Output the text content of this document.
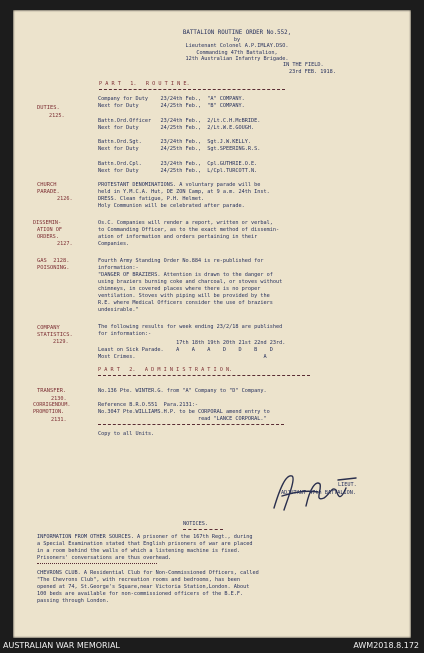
BATTALION ROUTINE ORDER No.552,
by
Lieutenant Colonel A.P.IMLAY.DSO.
Commanding 47th Battalion,
12th Australian Infantry Brigade.
IN THE FIELD.
23rd FEB. 1918.
P A R T   1.   R O U T I N E.
DUTIES.
2125.
Company for Duty    23/24th Feb.,  "A" COMPANY.
Next for Duty       24/25th Feb.,  "B" COMPANY.
Battn.Ord.Officer   23/24th Feb.,  2/Lt.C.H.McBRIDE.
Next for Duty       24/25th Feb.,  2/Lt.W.E.GOUGH.
Battn.Ord.Sgt.      23/24th Feb.,  Sgt.J.W.KELLY.
Next for Duty       24/25th Feb.,  Sgt.SPEERING.R.S.
Battn.Ord.Cpl.      23/24th Feb.,  Cpl.GUTHRIE.O.E.
Next for Duty       24/25th Feb.,  L/Cpl.TURCOTT.N.
CHURCH
PARADE.
2126.
PROTESTANT DENOMINATIONS. A voluntary parade will be
held in Y.M.C.A. Hut, DE ZON Camp, at 9 a.m. 24th Inst.
DRESS. Clean fatigue, P.H. Helmet.
Holy Communion will be celebrated after parade.
DISSEMIN-
ATION OF
ORDERS.
2127.
Os.C. Companies will render a report, written or verbal,
to Commanding Officer, as to the exact method of dissemin-
ation of information and orders pertaining in their
Companies.
GAS  2128.
POISONING.
Fourth Army Standing Order No.884 is re-published for
information:-
"DANGER OF BRAZIERS. Attention is drawn to the danger of
using braziers burning coke and charcoal, or stoves without
chimneys, in covered places where there is no proper
ventilation. Stoves with piping will be provided by the
R.E. where Medical Officers consider the use of braziers
undesirable."
COMPANY
STATISTICS.
2129.
The following results for week ending 23/2/18 are published
for information:-
17th 18th 19th 20th 21st 22nd 23rd.
Least on Sick Parade.    A    A    A    D    D    B    D
Most Crimes.                                         A
P A R T   2.   A D M I N I S T R A T I O N.
TRANSFER.
2130.
No.136 Pte. WINTER.G. from "A" Company to "D" Company.
CORRIGENDUM.
PROMOTION.
2131.
Reference B.R.O.551  Para.2131:-
No.3047 Pte.WILLIAMS.H.P. to be CORPORAL amend entry to
read "LANCE CORPORAL."
Copy to all Units.
LIEUT.
ADJUTANT 47th BATTALION.
NOTICES.
INFORMATION FROM OTHER SOURCES. A prisoner of the 167th Regt., during
a Special Examination stated that English prisoners of war are placed
in a room behind the walls of which a listening machine is fixed.
Prisoners' conversations are thus overhead.
CHEVRONS CLUB. A Residential Club for Non-Commissioned Officers, called
"The Chevrons Club", with recreation rooms and bedrooms, has been
opened at 74, St.George's Square,near Victoria Station,London. About
100 beds are available for non-commissioned officers of the B.E.F.
passing through London.
AUSTRALIAN WAR MEMORIAL	AWM2018.8.172
